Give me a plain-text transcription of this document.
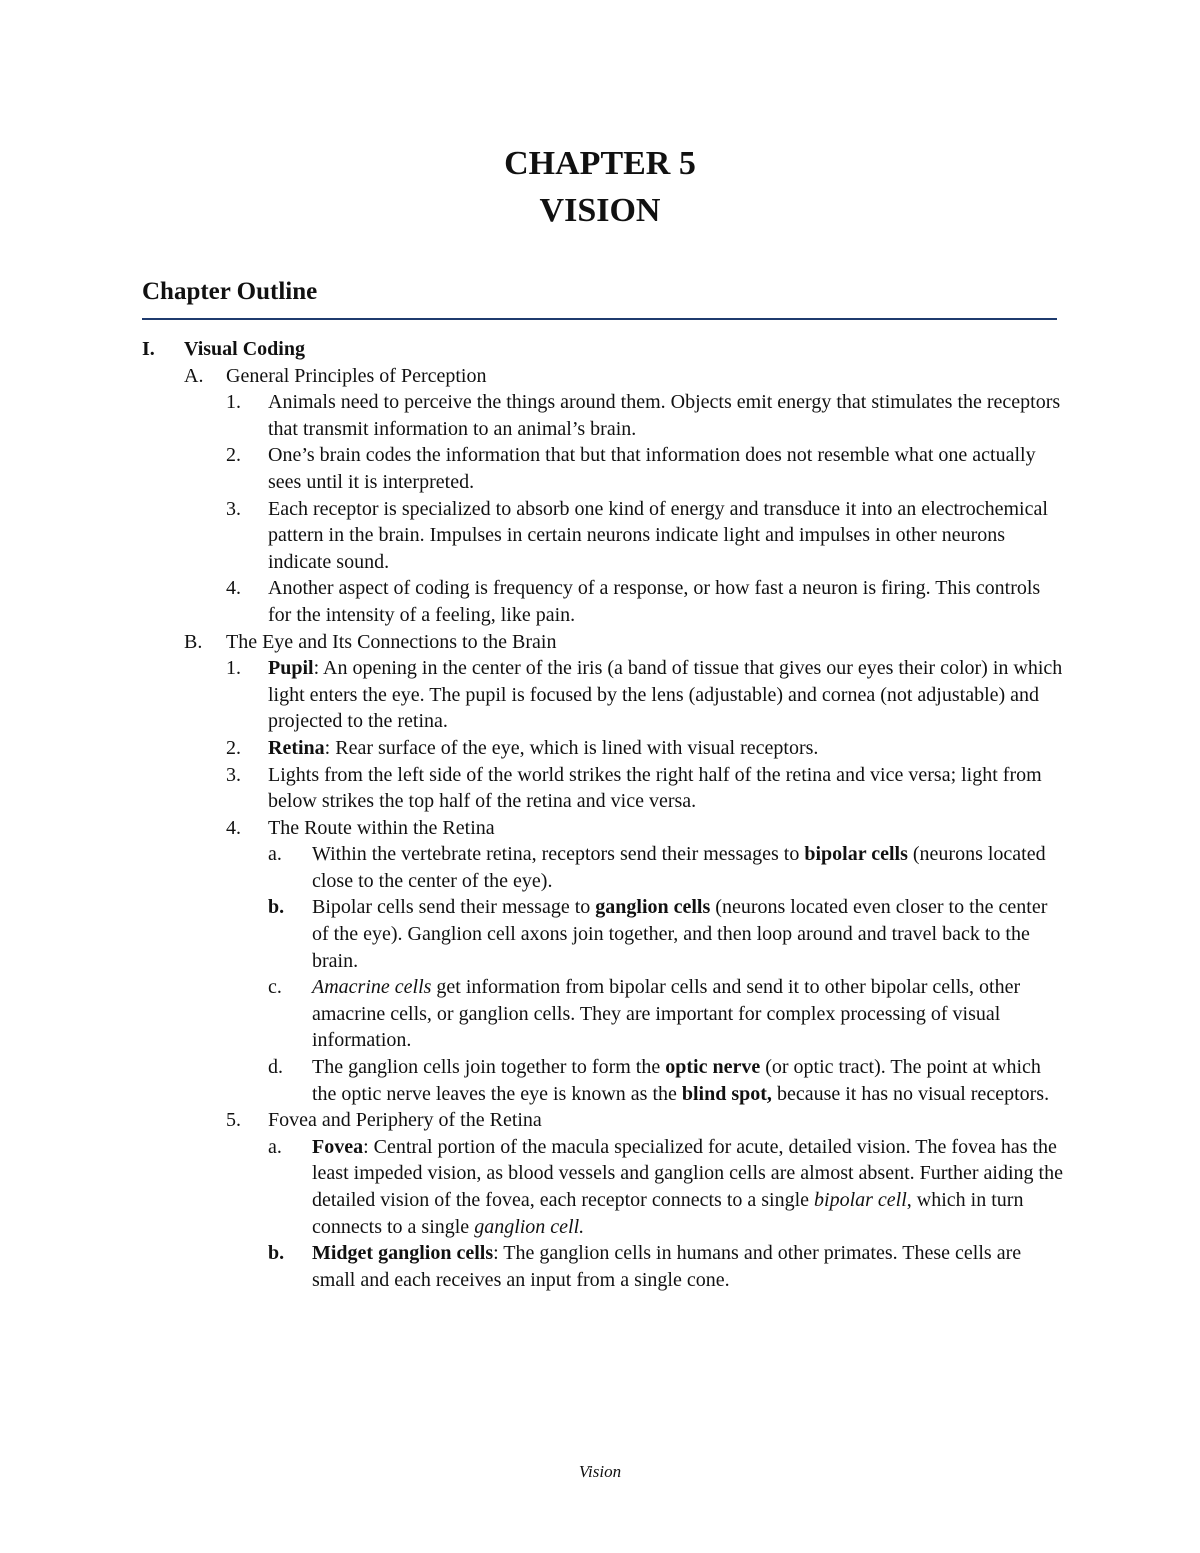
CHAPTER 5
VISION
Chapter Outline
I.	Visual Coding
A.	General Principles of Perception
1.	Animals need to perceive the things around them. Objects emit energy that stimulates the receptors that transmit information to an animal’s brain.
2.	One’s brain codes the information that but that information does not resemble what one actually sees until it is interpreted.
3.	Each receptor is specialized to absorb one kind of energy and transduce it into an electrochemical pattern in the brain. Impulses in certain neurons indicate light and impulses in other neurons indicate sound.
4.	Another aspect of coding is frequency of a response, or how fast a neuron is firing. This controls for the intensity of a feeling, like pain.
B.	The Eye and Its Connections to the Brain
1.	Pupil: An opening in the center of the iris (a band of tissue that gives our eyes their color) in which light enters the eye. The pupil is focused by the lens (adjustable) and cornea (not adjustable) and projected to the retina.
2.	Retina: Rear surface of the eye, which is lined with visual receptors.
3.	Lights from the left side of the world strikes the right half of the retina and vice versa; light from below strikes the top half of the retina and vice versa.
4.	The Route within the Retina
a.	Within the vertebrate retina, receptors send their messages to bipolar cells (neurons located close to the center of the eye).
b.	Bipolar cells send their message to ganglion cells (neurons located even closer to the center of the eye). Ganglion cell axons join together, and then loop around and travel back to the brain.
c.	Amacrine cells get information from bipolar cells and send it to other bipolar cells, other amacrine cells, or ganglion cells. They are important for complex processing of visual information.
d.	The ganglion cells join together to form the optic nerve (or optic tract). The point at which the optic nerve leaves the eye is known as the blind spot, because it has no visual receptors.
5.	Fovea and Periphery of the Retina
a.	Fovea: Central portion of the macula specialized for acute, detailed vision. The fovea has the least impeded vision, as blood vessels and ganglion cells are almost absent. Further aiding the detailed vision of the fovea, each receptor connects to a single bipolar cell, which in turn connects to a single ganglion cell.
b.	Midget ganglion cells: The ganglion cells in humans and other primates. These cells are small and each receives an input from a single cone.
Vision
